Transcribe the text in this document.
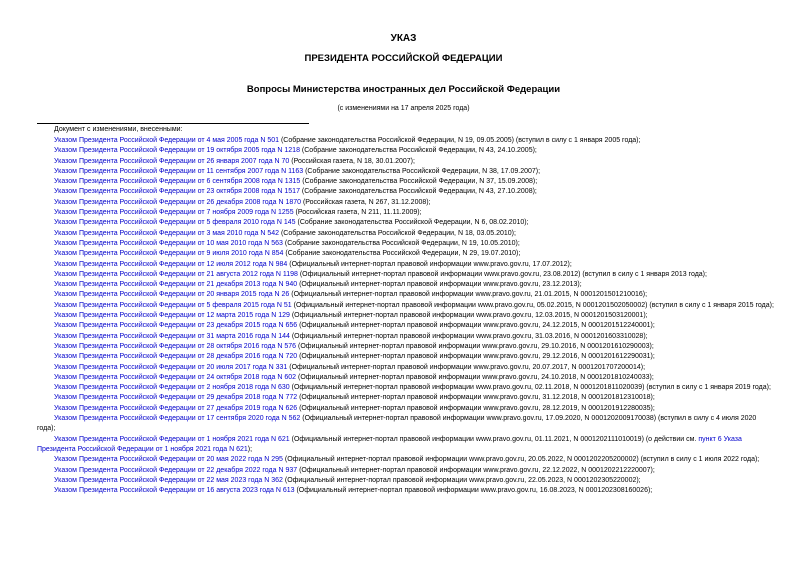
УКАЗ
ПРЕЗИДЕНТА РОССИЙСКОЙ ФЕДЕРАЦИИ
Вопросы Министерства иностранных дел Российской Федерации
(с изменениями на 17 апреля 2025 года)
Документ с изменениями, внесенными:

Указом Президента Российской Федерации от 4 мая 2005 года N 501 (Собрание законодательства Российской Федерации, N 19, 09.05.2005) (вступил в силу с 1 января 2005 года);

Указом Президента Российской Федерации от 19 октября 2005 года N 1218 (Собрание законодательства Российской Федерации, N 43, 24.10.2005);

Указом Президента Российской Федерации от 26 января 2007 года N 70 (Российская газета, N 18, 30.01.2007);

Указом Президента Российской Федерации от 11 сентября 2007 года N 1163 (Собрание законодательства Российской Федерации, N 38, 17.09.2007);

Указом Президента Российской Федерации от 6 сентября 2008 года N 1315 (Собрание законодательства Российской Федерации, N 37, 15.09.2008);

Указом Президента Российской Федерации от 23 октября 2008 года N 1517 (Собрание законодательства Российской Федерации, N 43, 27.10.2008);

Указом Президента Российской Федерации от 26 декабря 2008 года N 1870 (Российская газета, N 267, 31.12.2008);

Указом Президента Российской Федерации от 7 ноября 2009 года N 1255 (Российская газета, N 211, 11.11.2009);

Указом Президента Российской Федерации от 5 февраля 2010 года N 145 (Собрание законодательства Российской Федерации, N 6, 08.02.2010);

Указом Президента Российской Федерации от 3 мая 2010 года N 542 (Собрание законодательства Российской Федерации, N 18, 03.05.2010);

Указом Президента Российской Федерации от 10 мая 2010 года N 563 (Собрание законодательства Российской Федерации, N 19, 10.05.2010);

Указом Президента Российской Федерации от 9 июля 2010 года N 854 (Собрание законодательства Российской Федерации, N 29, 19.07.2010);

Указом Президента Российской Федерации от 12 июля 2012 года N 984 (Официальный интернет-портал правовой информации www.pravo.gov.ru, 17.07.2012);

Указом Президента Российской Федерации от 21 августа 2012 года N 1198 (Официальный интернет-портал правовой информации www.pravo.gov.ru, 23.08.2012) (вступил в силу с 1 января 2013 года);

Указом Президента Российской Федерации от 21 декабря 2013 года N 940 (Официальный интернет-портал правовой информации www.pravo.gov.ru, 23.12.2013);

Указом Президента Российской Федерации от 20 января 2015 года N 26 (Официальный интернет-портал правовой информации www.pravo.gov.ru, 21.01.2015, N 0001201501210016);

Указом Президента Российской Федерации от 5 февраля 2015 года N 51 (Официальный интернет-портал правовой информации www.pravo.gov.ru, 05.02.2015, N 0001201502050002) (вступил в силу с 1 января 2015 года);

Указом Президента Российской Федерации от 12 марта 2015 года N 129 (Официальный интернет-портал правовой информации www.pravo.gov.ru, 12.03.2015, N 0001201503120001);

Указом Президента Российской Федерации от 23 декабря 2015 года N 656 (Официальный интернет-портал правовой информации www.pravo.gov.ru, 24.12.2015, N 0001201512240001);

Указом Президента Российской Федерации от 31 марта 2016 года N 144 (Официальный интернет-портал правовой информации www.pravo.gov.ru, 31.03.2016, N 0001201603310028);

Указом Президента Российской Федерации от 28 октября 2016 года N 576 (Официальный интернет-портал правовой информации www.pravo.gov.ru, 29.10.2016, N 0001201610290003);

Указом Президента Российской Федерации от 28 декабря 2016 года N 720 (Официальный интернет-портал правовой информации www.pravo.gov.ru, 29.12.2016, N 0001201612290031);

Указом Президента Российской Федерации от 20 июля 2017 года N 331 (Официальный интернет-портал правовой информации www.pravo.gov.ru, 20.07.2017, N 0001201707200014);

Указом Президента Российской Федерации от 24 октября 2018 года N 602 (Официальный интернет-портал правовой информации www.pravo.gov.ru, 24.10.2018, N 0001201810240033);

Указом Президента Российской Федерации от 2 ноября 2018 года N 630 (Официальный интернет-портал правовой информации www.pravo.gov.ru, 02.11.2018, N 0001201811020039) (вступил в силу с 1 января 2019 года);

Указом Президента Российской Федерации от 29 декабря 2018 года N 772 (Официальный интернет-портал правовой информации www.pravo.gov.ru, 31.12.2018, N 0001201812310018);

Указом Президента Российской Федерации от 27 декабря 2019 года N 626 (Официальный интернет-портал правовой информации www.pravo.gov.ru, 28.12.2019, N 0001201912280035);

Указом Президента Российской Федерации от 17 сентября 2020 года N 562 (Официальный интернет-портал правовой информации www.pravo.gov.ru, 17.09.2020, N 0001202009170038) (вступил в силу с 4 июля 2020 года);

Указом Президента Российской Федерации от 1 ноября 2021 года N 621 (Официальный интернет-портал правовой информации www.pravo.gov.ru, 01.11.2021, N 0001202111010019) (о действии см. пункт 6 Указа Президента Российской Федерации от 1 ноября 2021 года N 621);

Указом Президента Российской Федерации от 20 мая 2022 года N 295 (Официальный интернет-портал правовой информации www.pravo.gov.ru, 20.05.2022, N 0001202205200002) (вступил в силу с 1 июля 2022 года);

Указом Президента Российской Федерации от 22 декабря 2022 года N 937 (Официальный интернет-портал правовой информации www.pravo.gov.ru, 22.12.2022, N 0001202212220007);

Указом Президента Российской Федерации от 22 мая 2023 года N 362 (Официальный интернет-портал правовой информации www.pravo.gov.ru, 22.05.2023, N 0001202305220002);

Указом Президента Российской Федерации от 16 августа 2023 года N 613 (Официальный интернет-портал правовой информации www.pravo.gov.ru, 16.08.2023, N 0001202308160026);
